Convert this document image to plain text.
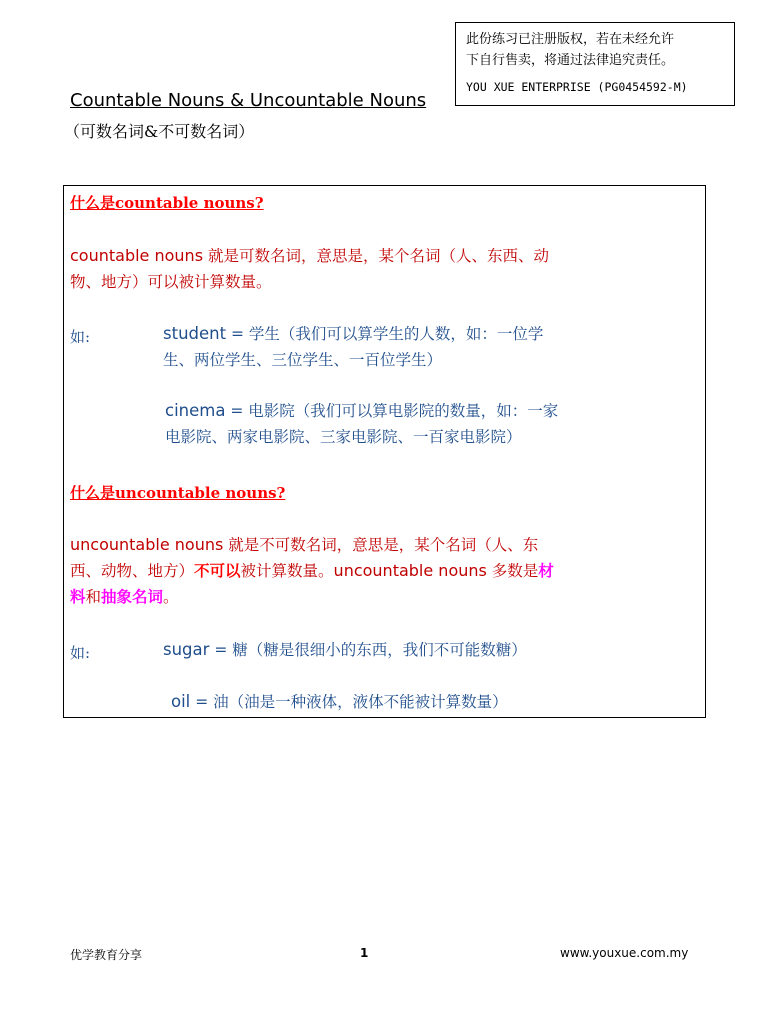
此份练习已注册版权，若在未经允许
下自行售卖，将通过法律追究责任。
YOU XUE ENTERPRISE (PG0454592-M)
Countable Nouns & Uncountable Nouns
（可数名词&不可数名词）
什么是countable nouns?
countable nouns 就是可数名词，意思是，某个名词（人、东西、动
物、地方）可以被计算数量。
如:	student = 学生（我们可以算学生的人数，如：一位学
生、两位学生、三位学生、一百位学生）
cinema = 电影院（我们可以算电影院的数量，如：一家
电影院、两家电影院、三家电影院、一百家电影院）
什么是uncountable nouns?
uncountable nouns 就是不可数名词，意思是，某个名词（人、东
西、动物、地方）不可以被计算数量。uncountable nouns 多数是材
料和抽象名词。
如:	sugar = 糖（糖是很细小的东西，我们不可能数糖）
oil = 油（油是一种液体，液体不能被计算数量）
优学教育分享	1	www.youxue.com.my
